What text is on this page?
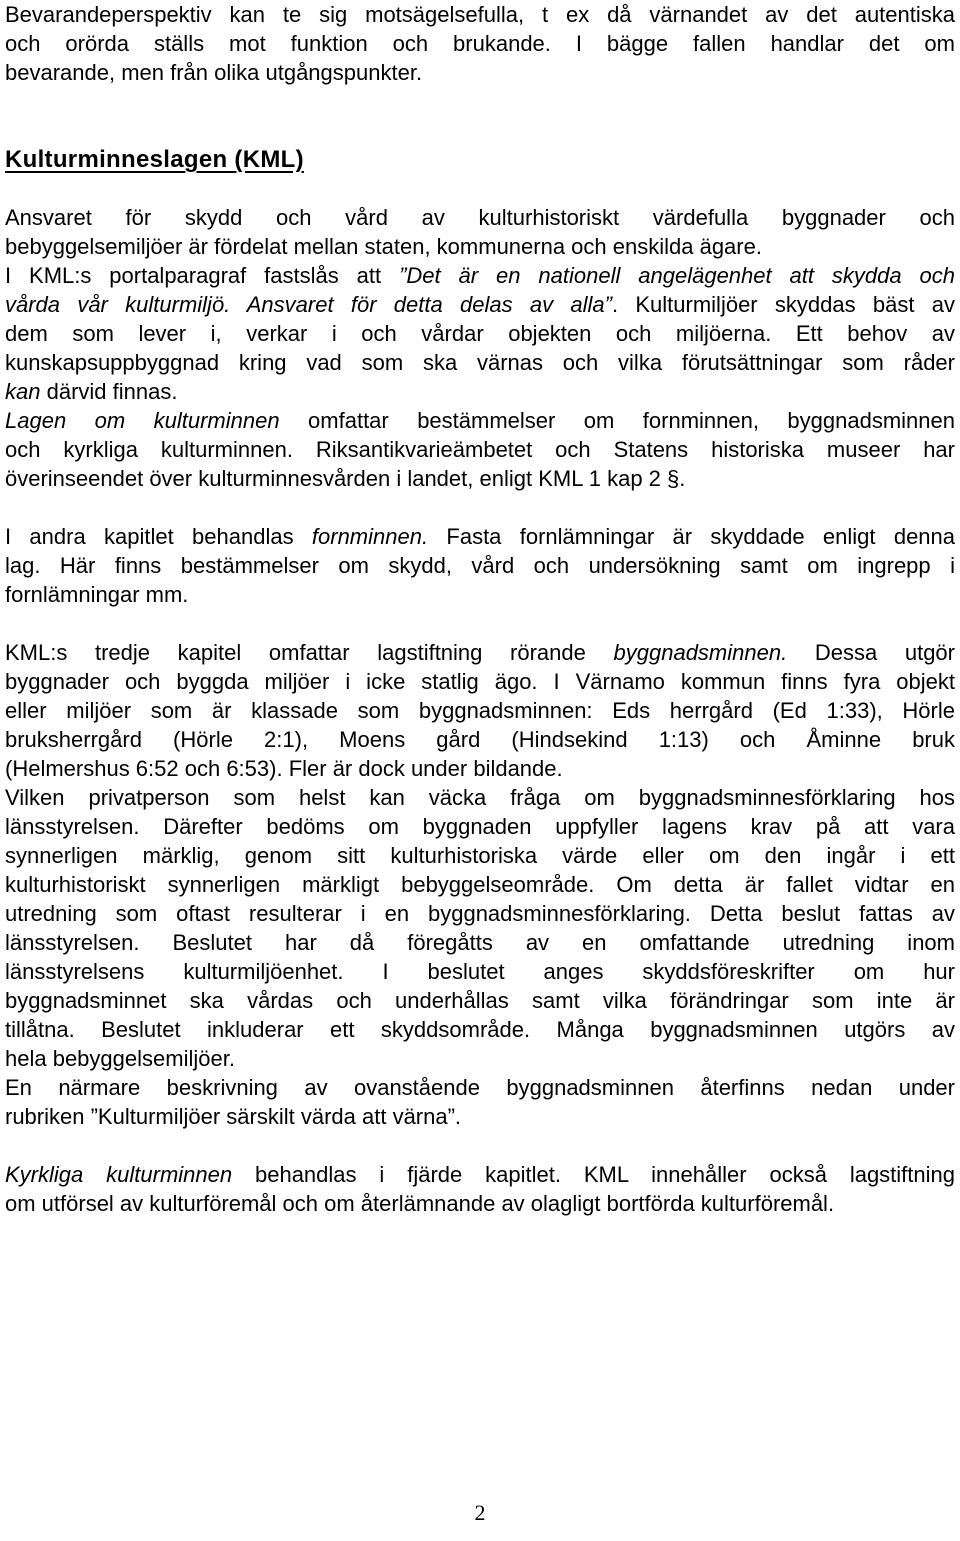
Bevarandeperspektiv kan te sig motsägelsefulla, t ex då värnandet av det autentiska
och orörda ställs mot funktion och brukande. I bägge fallen handlar det om
bevarande, men från olika utgångspunkter.
Kulturminneslagen (KML)
Ansvaret för skydd och vård av kulturhistoriskt värdefulla byggnader och
bebyggelsemiljöer är fördelat mellan staten, kommunerna och enskilda ägare.
I KML:s portalparagraf fastslås att ”Det är en nationell angelägenhet att skydda och
vårda vår kulturmiljö. Ansvaret för detta delas av alla”. Kulturmiljöer skyddas bäst av
dem som lever i, verkar i och vårdar objekten och miljöerna. Ett behov av
kunskapsuppbyggnad kring vad som ska värnas och vilka förutsättningar som råder
kan därvid finnas.
Lagen om kulturminnen omfattar bestämmelser om fornminnen, byggnadsminnen
och kyrkliga kulturminnen. Riksantikvarieämbetet och Statens historiska museer har
överinseendet över kulturminnesvården i landet, enligt KML 1 kap 2 §.
I andra kapitlet behandlas fornminnen. Fasta fornlämningar är skyddade enligt denna
lag. Här finns bestämmelser om skydd, vård och undersökning samt om ingrepp i
fornlämningar mm.
KML:s tredje kapitel omfattar lagstiftning rörande byggnadsminnen. Dessa utgör
byggnader och byggda miljöer i icke statlig ägo. I Värnamo kommun finns fyra objekt
eller miljöer som är klassade som byggnadsminnen: Eds herrgård (Ed 1:33), Hörle
bruksherrgård (Hörle 2:1), Moens gård (Hindsekind 1:13) och Åminne bruk
(Helmershus 6:52 och 6:53). Fler är dock under bildande.
Vilken privatperson som helst kan väcka fråga om byggnadsminnesförklaring hos
länsstyrelsen. Därefter bedöms om byggnaden uppfyller lagens krav på att vara
synnerligen märklig, genom sitt kulturhistoriska värde eller om den ingår i ett
kulturhistoriskt synnerligen märkligt bebyggelseområde. Om detta är fallet vidtar en
utredning som oftast resulterar i en byggnadsminnesförklaring. Detta beslut fattas av
länsstyrelsen. Beslutet har då föregåtts av en omfattande utredning inom
länsstyrelsens kulturmiljöenhet. I beslutet anges skyddsföreskrifter om hur
byggnadsminnet ska vårdas och underhållas samt vilka förändringar som inte är
tillåtna. Beslutet inkluderar ett skyddsområde. Många byggnadsminnen utgörs av
hela bebyggelsemiljöer.
En närmare beskrivning av ovanstående byggnadsminnen återfinns nedan under
rubriken ”Kulturmiljöer särskilt värda att värna”.
Kyrkliga kulturminnen behandlas i fjärde kapitlet. KML innehåller också lagstiftning
om utförsel av kulturföremål och om återlämnande av olagligt bortförda kulturföremål.
2
